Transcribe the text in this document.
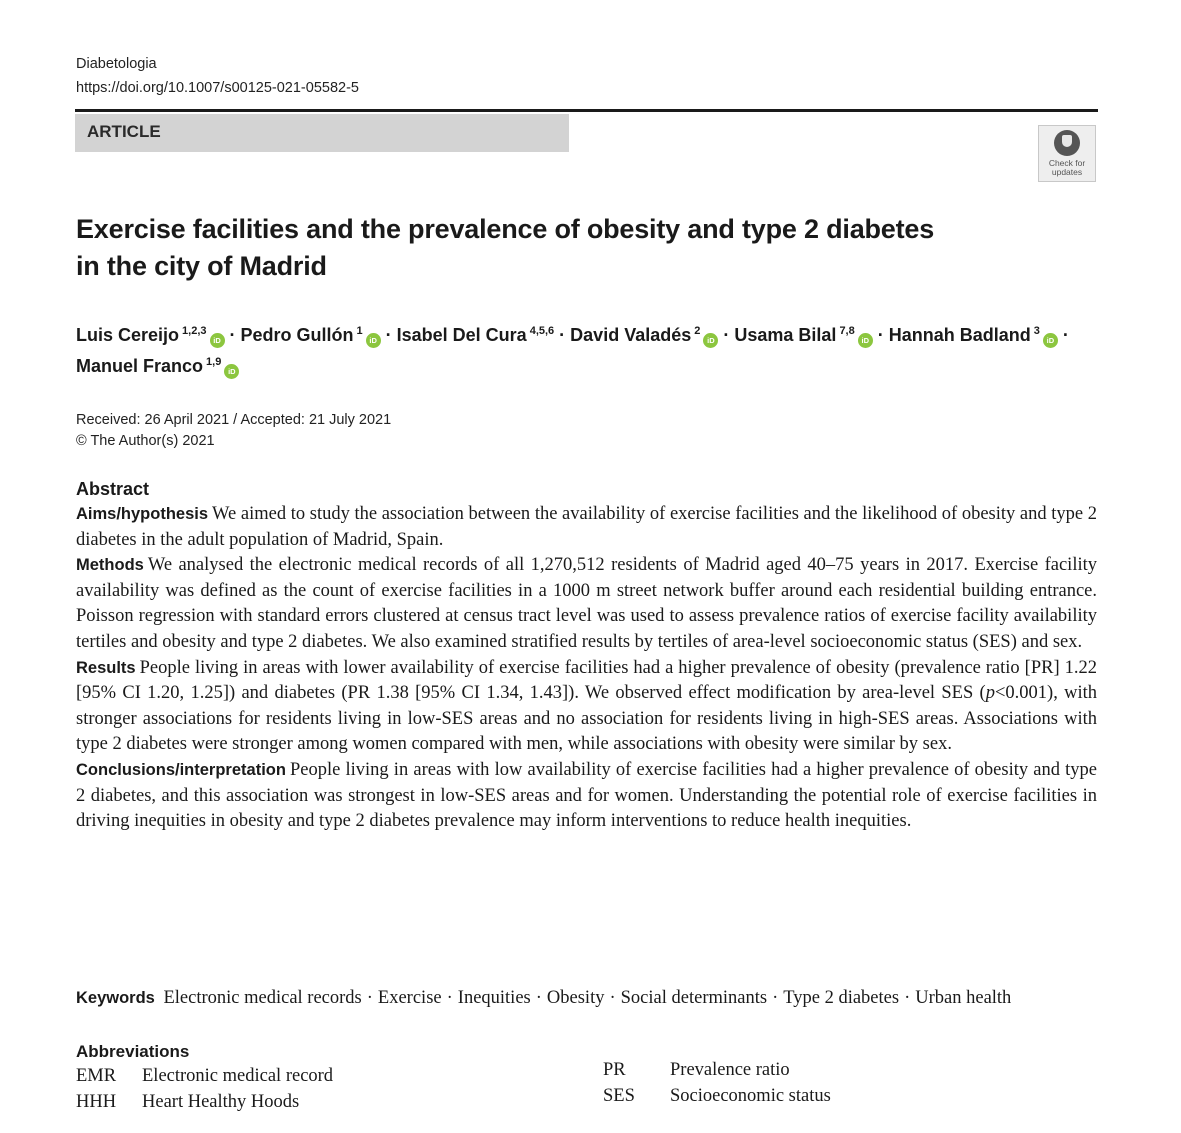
Diabetologia
https://doi.org/10.1007/s00125-021-05582-5
ARTICLE
Check for
updates
Exercise facilities and the prevalence of obesity and type 2 diabetes
in the city of Madrid
Luis Cereijo $^{1,2,3}$iD · Pedro Gullón $^1$iD · Isabel Del Cura $^{4,5,6}$ · David Valadés $^2$iD · Usama Bilal $^{7,8}$iD · Hannah Badland $^3$iD ·
Manuel Franco $^{1,9}$iD
Received: 26 April 2021 / Accepted: 21 July 2021
© The Author(s) 2021
Abstract

Aims/hypothesis We aimed to study the association between the availability of exercise facilities and the likelihood of obesity and type 2 diabetes in the adult population of Madrid, Spain.

Methods We analysed the electronic medical records of all 1,270,512 residents of Madrid aged 40–75 years in 2017. Exercise facility availability was defined as the count of exercise facilities in a 1000 m street network buffer around each residential building entrance. Poisson regression with standard errors clustered at census tract level was used to assess prevalence ratios of exercise facility availability tertiles and obesity and type 2 diabetes. We also examined stratified results by tertiles of area-level socioeconomic status (SES) and sex.

Results People living in areas with lower availability of exercise facilities had a higher prevalence of obesity (prevalence ratio [PR] 1.22 [95% CI 1.20, 1.25]) and diabetes (PR 1.38 [95% CI 1.34, 1.43]). We observed effect modification by area-level SES (p<0.001), with stronger associations for residents living in low-SES areas and no association for residents living in high-SES areas. Associations with type 2 diabetes were stronger among women compared with men, while associations with obesity were similar by sex.

Conclusions/interpretation People living in areas with low availability of exercise facilities had a higher prevalence of obesity and type 2 diabetes, and this association was strongest in low-SES areas and for women. Understanding the potential role of exercise facilities in driving inequities in obesity and type 2 diabetes prevalence may inform interventions to reduce health inequities.

Keywords Electronic medical records · Exercise · Inequities · Obesity · Social determinants · Type 2 diabetes · Urban health
Abbreviations
EMR Electronic medical record
HHH Heart Healthy Hoods
PR Prevalence ratio
SES Socioeconomic status
